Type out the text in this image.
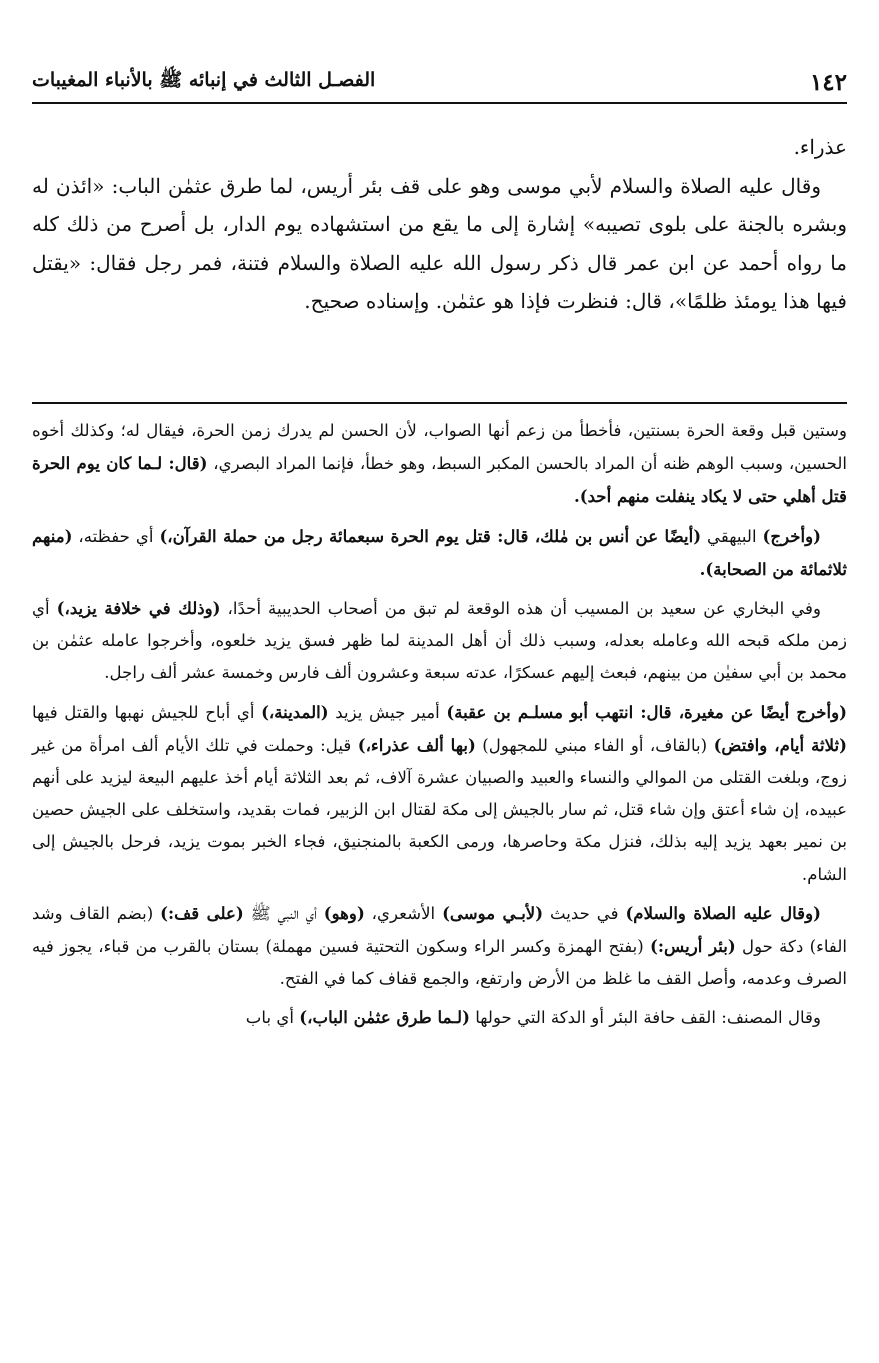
١٤٢
الفصـل الثالث في إنبائه ﷺ بالأنباء المغيبات

عذراء.

وقال عليه الصلاة والسلام لأبي موسى وهو على قف بئر أريس، لما طرق عثمٰن الباب: «ائذن له وبشره بالجنة على بلوى تصيبه» إشارة إلى ما يقع من استشهاده يوم الدار، بل أصرح من ذلك كله ما رواه أحمد عن ابن عمر قال ذكر رسول الله عليه الصلاة والسلام فتنة، فمر رجل فقال: «يقتل فيها هذا يومئذ ظلمًا»، قال: فنظرت فإذا هو عثمٰن. وإسناده صحيح.

وستين قبل وقعة الحرة بسنتين، فأخطأ من زعم أنها الصواب، لأن الحسن لم يدرك زمن الحرة، فيقال له؛ وكذلك أخوه الحسين، وسبب الوهم ظنه أن المراد بالحسن المكبر السبط، وهو خطأ، فإنما المراد البصري، (قال: لـما كان يوم الحرة قتل أهلي حتى لا يكاد ينفلت منهم أحد).

(وأخرج) البيهقي (أيضًا عن أنس بن مٰلك، قال: قتل يوم الحرة سبعمائة رجل من حملة القرآن،) أي حفظته، (منهم ثلاثمائة من الصحابة).

وفي البخاري عن سعيد بن المسيب أن هذه الوقعة لم تبق من أصحاب الحديبية أحدًا، (وذلك في خلافة يزيد،) أي زمن ملكه قبحه الله وعامله بعدله، وسبب ذلك أن أهل المدينة لما ظهر فسق يزيد خلعوه، وأخرجوا عامله عثمٰن بن محمد بن أبي سفيٰن من بينهم، فبعث إليهم عسكرًا، عدته سبعة وعشرون ألف فارس وخمسة عشر ألف راجل.

(وأخرج أيضًا عن مغيرة، قال: انتهب أبو مسلـم بن عقبة) أمير جيش يزيد (المدينة،) أي أباح للجيش نهبها والقتل فيها (ثلاثة أيام، وافتض) (بالقاف، أو الفاء مبني للمجهول) (بها ألف عذراء،) قيل: وحملت في تلك الأيام ألف امرأة من غير زوج، وبلغت القتلى من الموالي والنساء والعبيد والصبيان عشرة آلاف، ثم بعد الثلاثة أيام أخذ عليهم البيعة ليزيد على أنهم عبيده، إن شاء أعتق وإن شاء قتل، ثم سار بالجيش إلى مكة لقتال ابن الزبير، فمات بقديد، واستخلف على الجيش حصين بن نمير بعهد يزيد إليه بذلك، فنزل مكة وحاصرها، ورمى الكعبة بالمنجنيق، فجاء الخبر بموت يزيد، فرحل بالجيش إلى الشام.

(وقال عليه الصلاة والسلام) في حديث (لأبـي موسى) الأشعري، (وهو) أي النبي ﷺ (على قف:) (بضم القاف وشد الفاء) دكة حول (بئر أريس:) (بفتح الهمزة وكسر الراء وسكون التحتية فسين مهملة) بستان بالقرب من قباء، يجوز فيه الصرف وعدمه، وأصل القف ما غلظ من الأرض وارتفع، والجمع قفاف كما في الفتح.

وقال المصنف: القف حافة البئر أو الدكة التي حولها (لـما طرق عثمٰن الباب،) أي باب
